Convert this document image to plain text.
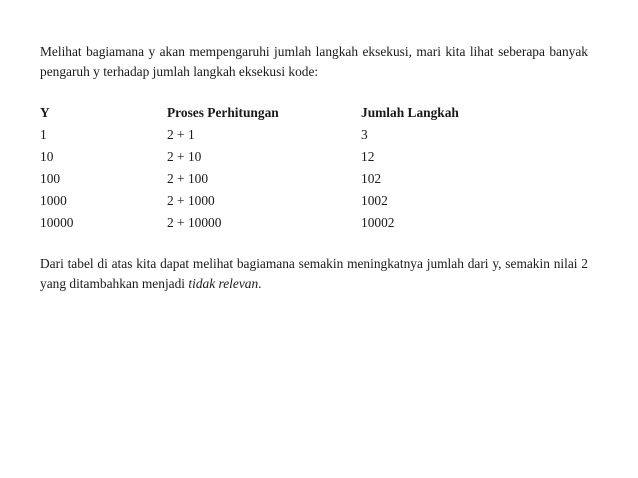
Melihat bagiamana y akan mempengaruhi jumlah langkah eksekusi, mari kita lihat seberapa banyak pengaruh y terhadap jumlah langkah eksekusi kode:

Y	Proses Perhitungan	Jumlah Langkah
1	2 + 1	3
10	2 + 10	12
100	2 + 100	102
1000	2 + 1000	1002
10000	2 + 10000	10002

Dari tabel di atas kita dapat melihat bagiamana semakin meningkatnya jumlah dari y, semakin nilai 2 yang ditambahkan menjadi tidak relevan.
